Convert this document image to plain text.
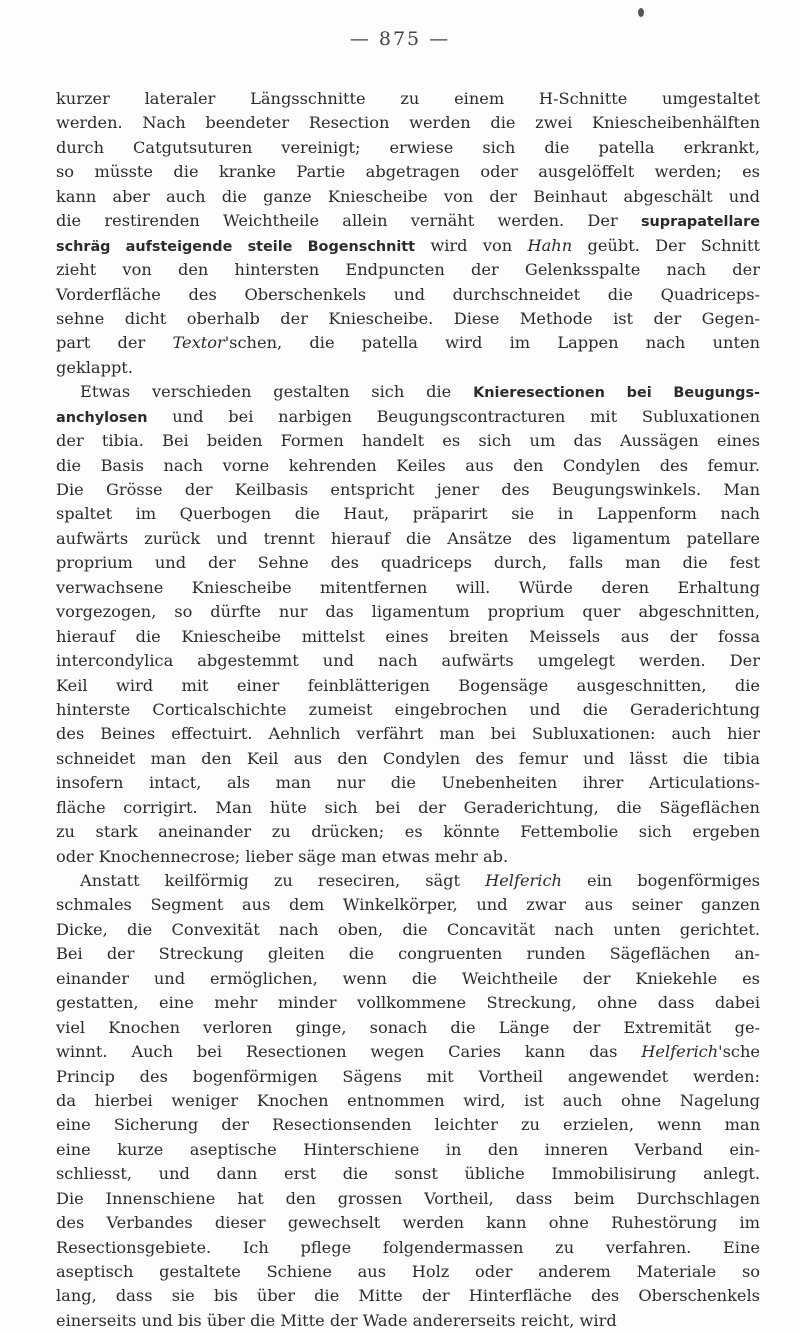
— 875 —
kurzer lateraler Längsschnitte zu einem H-Schnitte umgestaltet
werden. Nach beendeter Resection werden die zwei Kniescheibenhälften
durch Catgutsuturen vereinigt; erwiese sich die patella erkrankt,
so müsste die kranke Partie abgetragen oder ausgelöffelt werden; es
kann aber auch die ganze Kniescheibe von der Beinhaut abgeschält und
die restirenden Weichtheile allein vernäht werden. Der suprapatellare
schräg aufsteigende steile Bogenschnitt wird von Hahn geübt. Der Schnitt
zieht von den hintersten Endpuncten der Gelenksspalte nach der
Vorderfläche des Oberschenkels und durchschneidet die Quadriceps-
sehne dicht oberhalb der Kniescheibe. Diese Methode ist der Gegen-
part der Textor'schen, die patella wird im Lappen nach unten
geklappt.
Etwas verschieden gestalten sich die Knieresectionen bei Beugungs-
anchylosen und bei narbigen Beugungscontracturen mit Subluxationen
der tibia. Bei beiden Formen handelt es sich um das Aussägen eines
die Basis nach vorne kehrenden Keiles aus den Condylen des femur.
Die Grösse der Keilbasis entspricht jener des Beugungswinkels. Man
spaltet im Querbogen die Haut, präparirt sie in Lappenform nach
aufwärts zurück und trennt hierauf die Ansätze des ligamentum patellare
proprium und der Sehne des quadriceps durch, falls man die fest
verwachsene Kniescheibe mitentfernen will. Würde deren Erhaltung
vorgezogen, so dürfte nur das ligamentum proprium quer abgeschnitten,
hierauf die Kniescheibe mittelst eines breiten Meissels aus der fossa
intercondylica abgestemmt und nach aufwärts umgelegt werden. Der
Keil wird mit einer feinblätterigen Bogensäge ausgeschnitten, die
hinterste Corticalschichte zumeist eingebrochen und die Geraderichtung
des Beines effectuirt. Aehnlich verfährt man bei Subluxationen: auch hier
schneidet man den Keil aus den Condylen des femur und lässt die tibia
insofern intact, als man nur die Unebenheiten ihrer Articulations-
fläche corrigirt. Man hüte sich bei der Geraderichtung, die Sägeflächen
zu stark aneinander zu drücken; es könnte Fettembolie sich ergeben
oder Knochennecrose; lieber säge man etwas mehr ab.
Anstatt keilförmig zu reseciren, sägt Helferich ein bogenförmiges
schmales Segment aus dem Winkelkörper, und zwar aus seiner ganzen
Dicke, die Convexität nach oben, die Concavität nach unten gerichtet.
Bei der Streckung gleiten die congruenten runden Sägeflächen an-
einander und ermöglichen, wenn die Weichtheile der Kniekehle es
gestatten, eine mehr minder vollkommene Streckung, ohne dass dabei
viel Knochen verloren ginge, sonach die Länge der Extremität ge-
winnt. Auch bei Resectionen wegen Caries kann das Helferich'sche
Princip des bogenförmigen Sägens mit Vortheil angewendet werden:
da hierbei weniger Knochen entnommen wird, ist auch ohne Nagelung
eine Sicherung der Resectionsenden leichter zu erzielen, wenn man
eine kurze aseptische Hinterschiene in den inneren Verband ein-
schliesst, und dann erst die sonst übliche Immobilisirung anlegt.
Die Innenschiene hat den grossen Vortheil, dass beim Durchschlagen
des Verbandes dieser gewechselt werden kann ohne Ruhestörung im
Resectionsgebiete. Ich pflege folgendermassen zu verfahren. Eine
aseptisch gestaltete Schiene aus Holz oder anderem Materiale so
lang, dass sie bis über die Mitte der Hinterfläche des Oberschenkels
einerseits und bis über die Mitte der Wade andererseits reicht, wird
